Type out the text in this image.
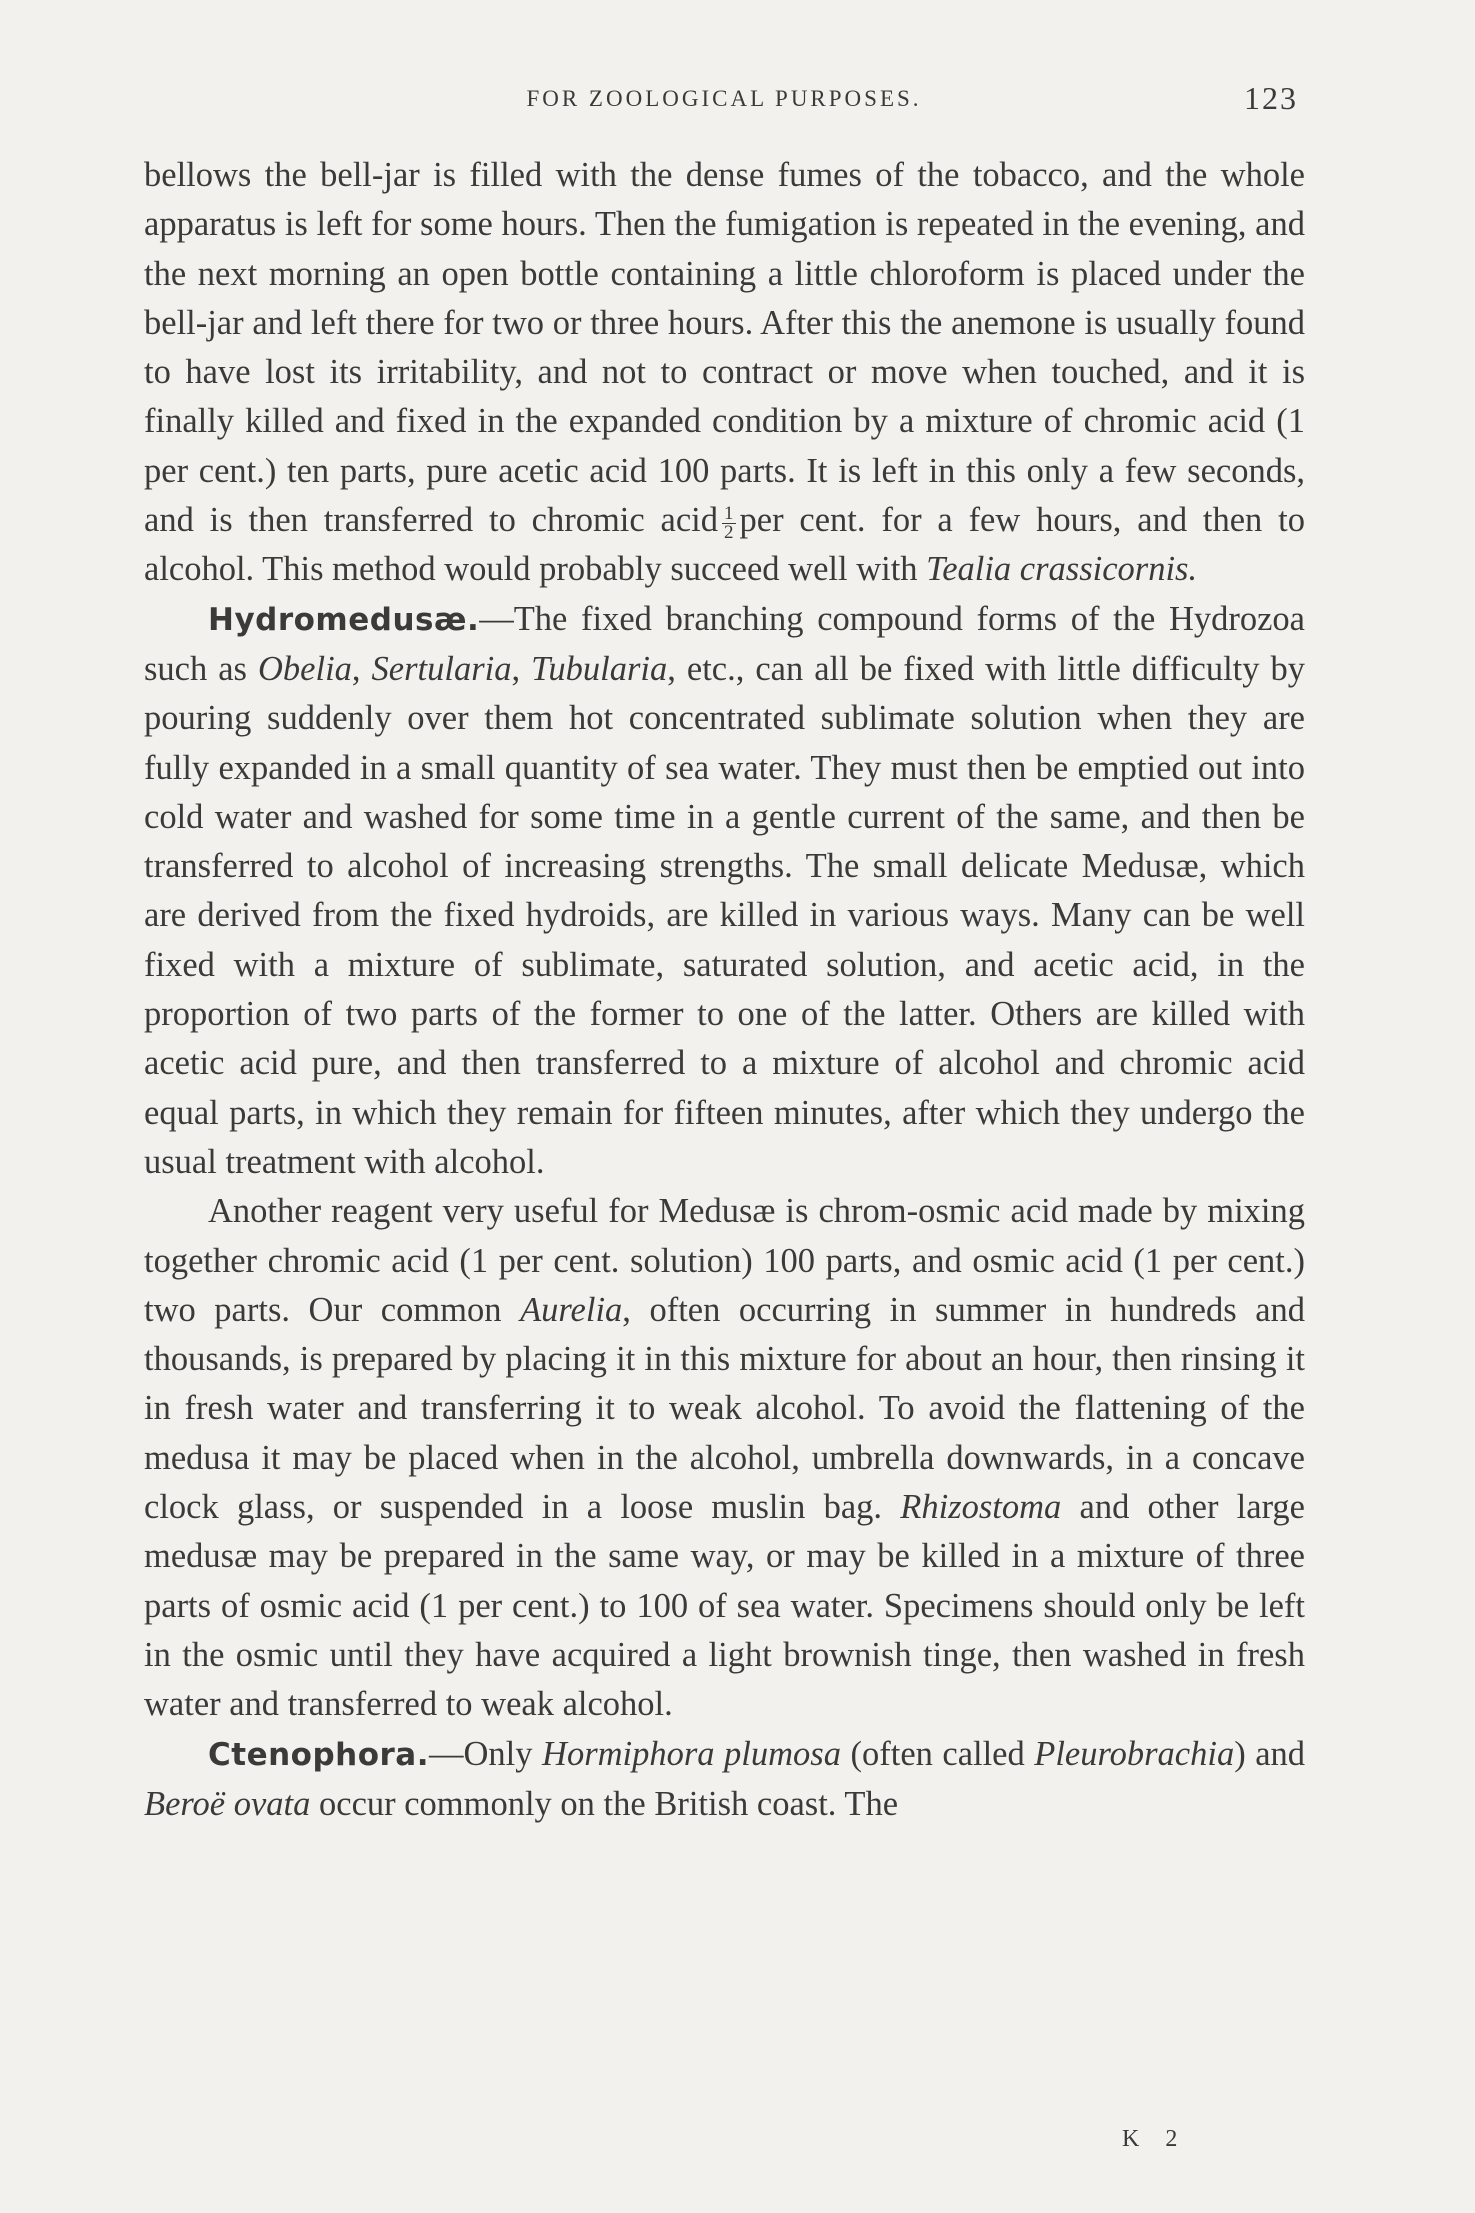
FOR ZOOLOGICAL PURPOSES.	123

bellows the bell-jar is filled with the dense fumes of the tobacco, and the whole apparatus is left for some hours. Then the fumigation is repeated in the evening, and the next morning an open bottle containing a little chloroform is placed under the bell-jar and left there for two or three hours. After this the anemone is usually found to have lost its irritability, and not to contract or move when touched, and it is finally killed and fixed in the expanded condition by a mixture of chromic acid (1 per cent.) ten parts, pure acetic acid 100 parts. It is left in this only a few seconds, and is then transferred to chromic acid $\frac{1}{2}$ per cent. for a few hours, and then to alcohol. This method would probably succeed well with Tealia crassicornis.

Hydromedusæ.—The fixed branching compound forms of the Hydrozoa such as Obelia, Sertularia, Tubularia, etc., can all be fixed with little difficulty by pouring suddenly over them hot concentrated sublimate solution when they are fully expanded in a small quantity of sea water. They must then be emptied out into cold water and washed for some time in a gentle current of the same, and then be transferred to alcohol of increasing strengths. The small delicate Medusæ, which are derived from the fixed hydroids, are killed in various ways. Many can be well fixed with a mixture of sublimate, saturated solution, and acetic acid, in the proportion of two parts of the former to one of the latter. Others are killed with acetic acid pure, and then transferred to a mixture of alcohol and chromic acid equal parts, in which they remain for fifteen minutes, after which they undergo the usual treatment with alcohol.

Another reagent very useful for Medusæ is chrom-osmic acid made by mixing together chromic acid (1 per cent. solution) 100 parts, and osmic acid (1 per cent.) two parts. Our common Aurelia, often occurring in summer in hundreds and thousands, is prepared by placing it in this mixture for about an hour, then rinsing it in fresh water and transferring it to weak alcohol. To avoid the flattening of the medusa it may be placed when in the alcohol, umbrella downwards, in a concave clock glass, or suspended in a loose muslin bag. Rhizostoma and other large medusæ may be prepared in the same way, or may be killed in a mixture of three parts of osmic acid (1 per cent.) to 100 of sea water. Specimens should only be left in the osmic until they have acquired a light brownish tinge, then washed in fresh water and transferred to weak alcohol.

Ctenophora.—Only Hormiphora plumosa (often called Pleurobrachia) and Beroë ovata occur commonly on the British coast. The

K 2
